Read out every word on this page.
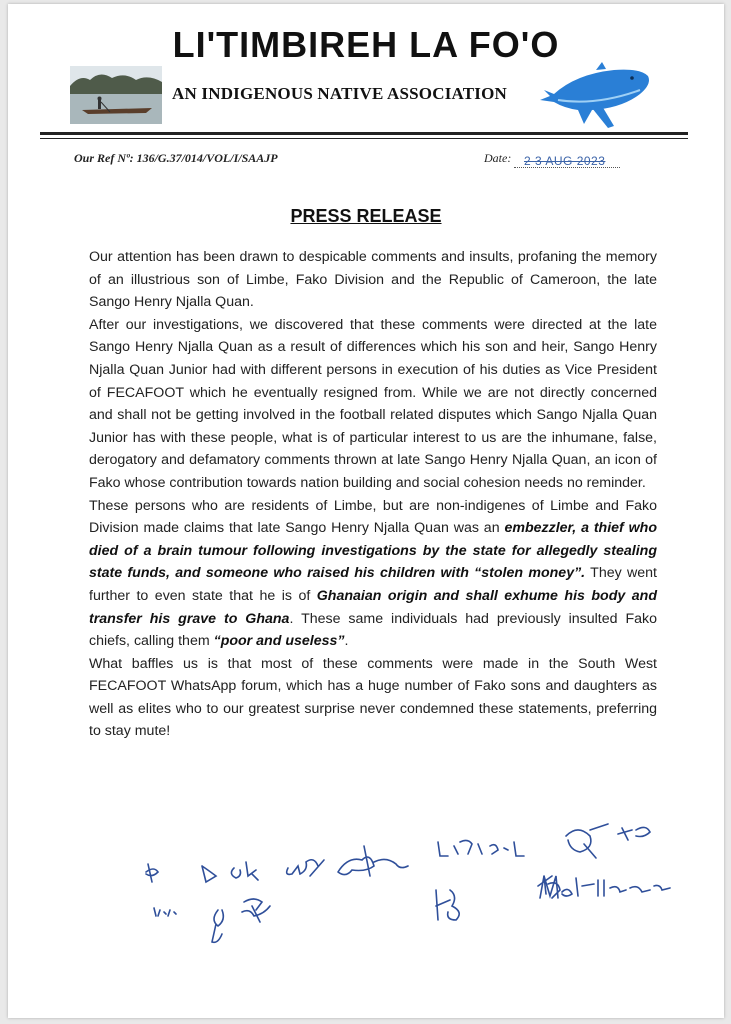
LI'TIMBIREH LA FO'O
AN INDIGENOUS NATIVE ASSOCIATION
Our Ref Nº: 136/G.37/014/VOL/I/SAAJP	Date: 2 3 AUG 2023
PRESS RELEASE

Our attention has been drawn to despicable comments and insults, profaning the memory of an illustrious son of Limbe, Fako Division and the Republic of Cameroon, the late Sango Henry Njalla Quan.

After our investigations, we discovered that these comments were directed at the late Sango Henry Njalla Quan as a result of differences which his son and heir, Sango Henry Njalla Quan Junior had with different persons in execution of his duties as Vice President of FECAFOOT which he eventually resigned from. While we are not directly concerned and shall not be getting involved in the football related disputes which Sango Njalla Quan Junior has with these people, what is of particular interest to us are the inhumane, false, derogatory and defamatory comments thrown at late Sango Henry Njalla Quan, an icon of Fako whose contribution towards nation building and social cohesion needs no reminder.

These persons who are residents of Limbe, but are non-indigenes of Limbe and Fako Division made claims that late Sango Henry Njalla Quan was an embezzler, a thief who died of a brain tumour following investigations by the state for allegedly stealing state funds, and someone who raised his children with “stolen money”. They went further to even state that he is of Ghanaian origin and shall exhume his body and transfer his grave to Ghana. These same individuals had previously insulted Fako chiefs, calling them “poor and useless”.

What baffles us is that most of these comments were made in the South West FECAFOOT WhatsApp forum, which has a huge number of Fako sons and daughters as well as elites who to our greatest surprise never condemned these statements, preferring to stay mute!
